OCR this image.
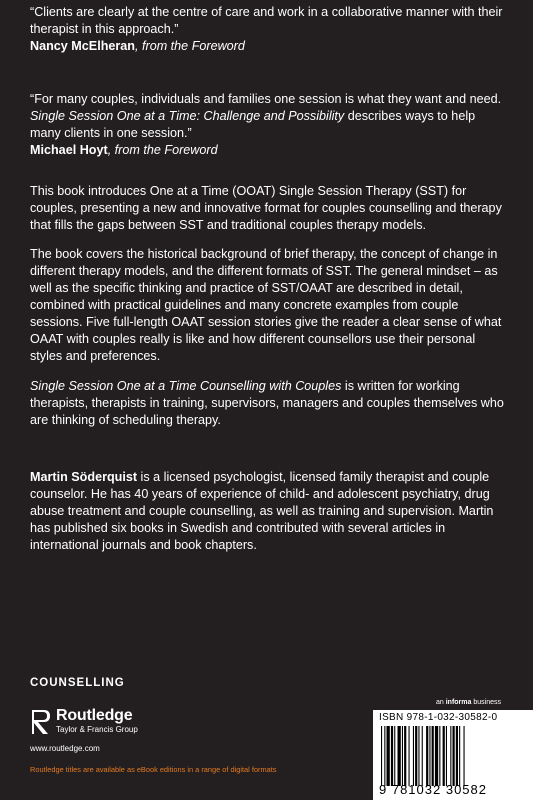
“Clients are clearly at the centre of care and work in a collaborative manner with their therapist in this approach.”

Nancy McElheran, from the Foreword

“For many couples, individuals and families one session is what they want and need. Single Session One at a Time: Challenge and Possibility describes ways to help many clients in one session.”

Michael Hoyt, from the Foreword

This book introduces One at a Time (OOAT) Single Session Therapy (SST) for couples, presenting a new and innovative format for couples counselling and therapy that fills the gaps between SST and traditional couples therapy models.

The book covers the historical background of brief therapy, the concept of change in different therapy models, and the different formats of SST. The general mindset – as well as the specific thinking and practice of SST/OAAT are described in detail, combined with practical guidelines and many concrete examples from couple sessions. Five full-length OAAT session stories give the reader a clear sense of what OAAT with couples really is like and how different counsellors use their personal styles and preferences.

Single Session One at a Time Counselling with Couples is written for working therapists, therapists in training, supervisors, managers and couples themselves who are thinking of scheduling therapy.

Martin Söderquist is a licensed psychologist, licensed family therapist and couple counselor. He has 40 years of experience of child- and adolescent psychiatry, drug abuse treatment and couple counselling, as well as training and supervision. Martin has published six books in Swedish and contributed with several articles in international journals and book chapters.

COUNSELLING
Routledge
Taylor & Francis Group
www.routledge.com
Routledge titles are available as eBook editions in a range of digital formats
an informa business
ISBN 978-1-032-30582-0
9 781032 30582
